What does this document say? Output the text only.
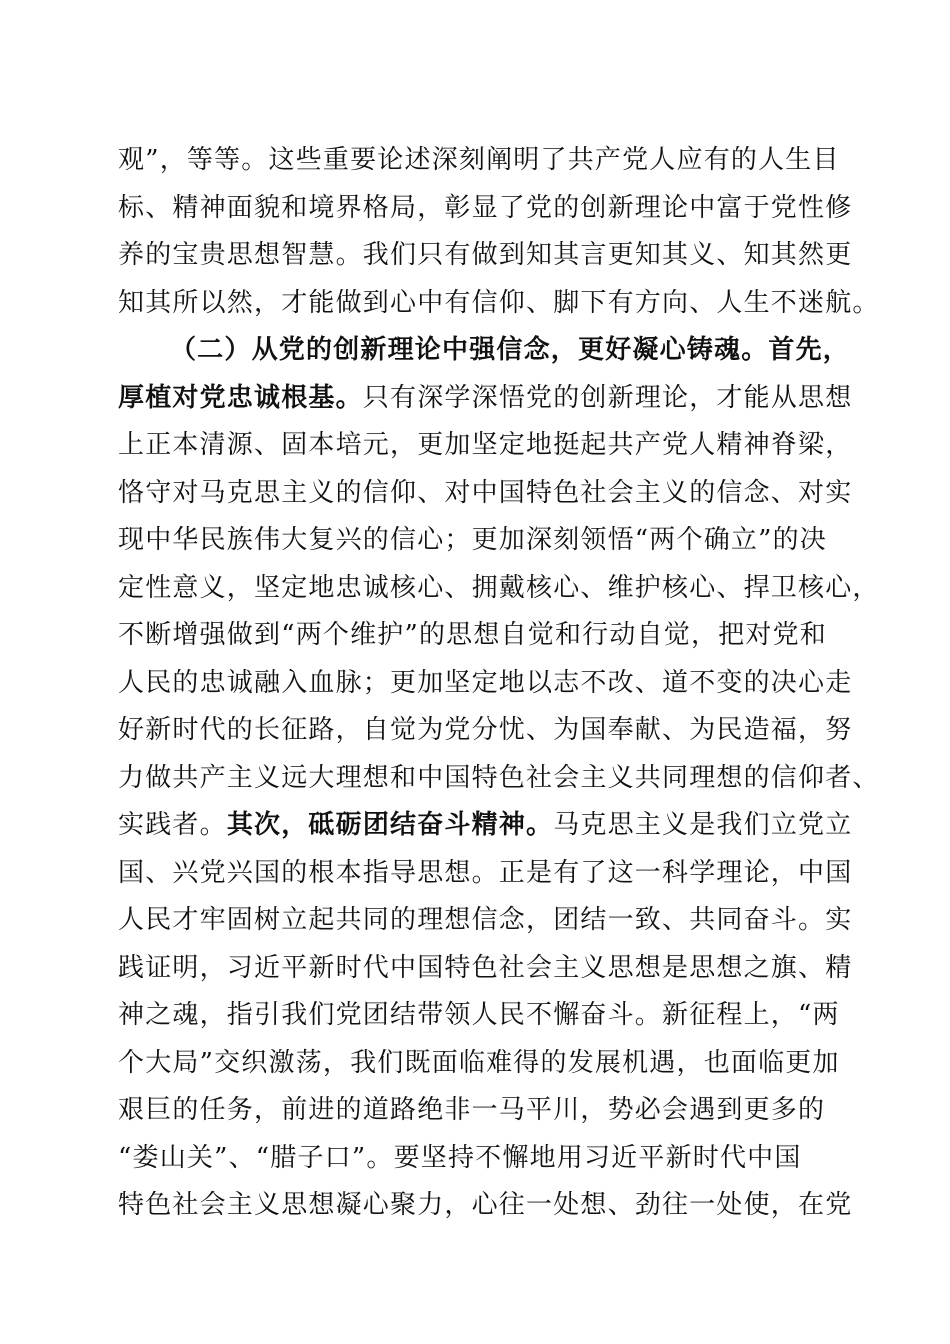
观”，等等。这些重要论述深刻阐明了共产党人应有的人生目
标、精神面貌和境界格局，彰显了党的创新理论中富于党性修
养的宝贵思想智慧。我们只有做到知其言更知其义、知其然更
知其所以然，才能做到心中有信仰、脚下有方向、人生不迷航。
（二）从党的创新理论中强信念，更好凝心铸魂。首先，
厚植对党忠诚根基。只有深学深悟党的创新理论，才能从思想
上正本清源、固本培元，更加坚定地挺起共产党人精神脊梁，
恪守对马克思主义的信仰、对中国特色社会主义的信念、对实
现中华民族伟大复兴的信心；更加深刻领悟“两个确立”的决
定性意义，坚定地忠诚核心、拥戴核心、维护核心、捍卫核心，
不断增强做到“两个维护”的思想自觉和行动自觉，把对党和
人民的忠诚融入血脉；更加坚定地以志不改、道不变的决心走
好新时代的长征路，自觉为党分忧、为国奉献、为民造福，努
力做共产主义远大理想和中国特色社会主义共同理想的信仰者、
实践者。其次，砥砺团结奋斗精神。马克思主义是我们立党立
国、兴党兴国的根本指导思想。正是有了这一科学理论，中国
人民才牢固树立起共同的理想信念，团结一致、共同奋斗。实
践证明，习近平新时代中国特色社会主义思想是思想之旗、精
神之魂，指引我们党团结带领人民不懈奋斗。新征程上，“两
个大局”交织激荡，我们既面临难得的发展机遇，也面临更加
艰巨的任务，前进的道路绝非一马平川，势必会遇到更多的
“娄山关”、“腊子口”。要坚持不懈地用习近平新时代中国
特色社会主义思想凝心聚力，心往一处想、劲往一处使，在党
